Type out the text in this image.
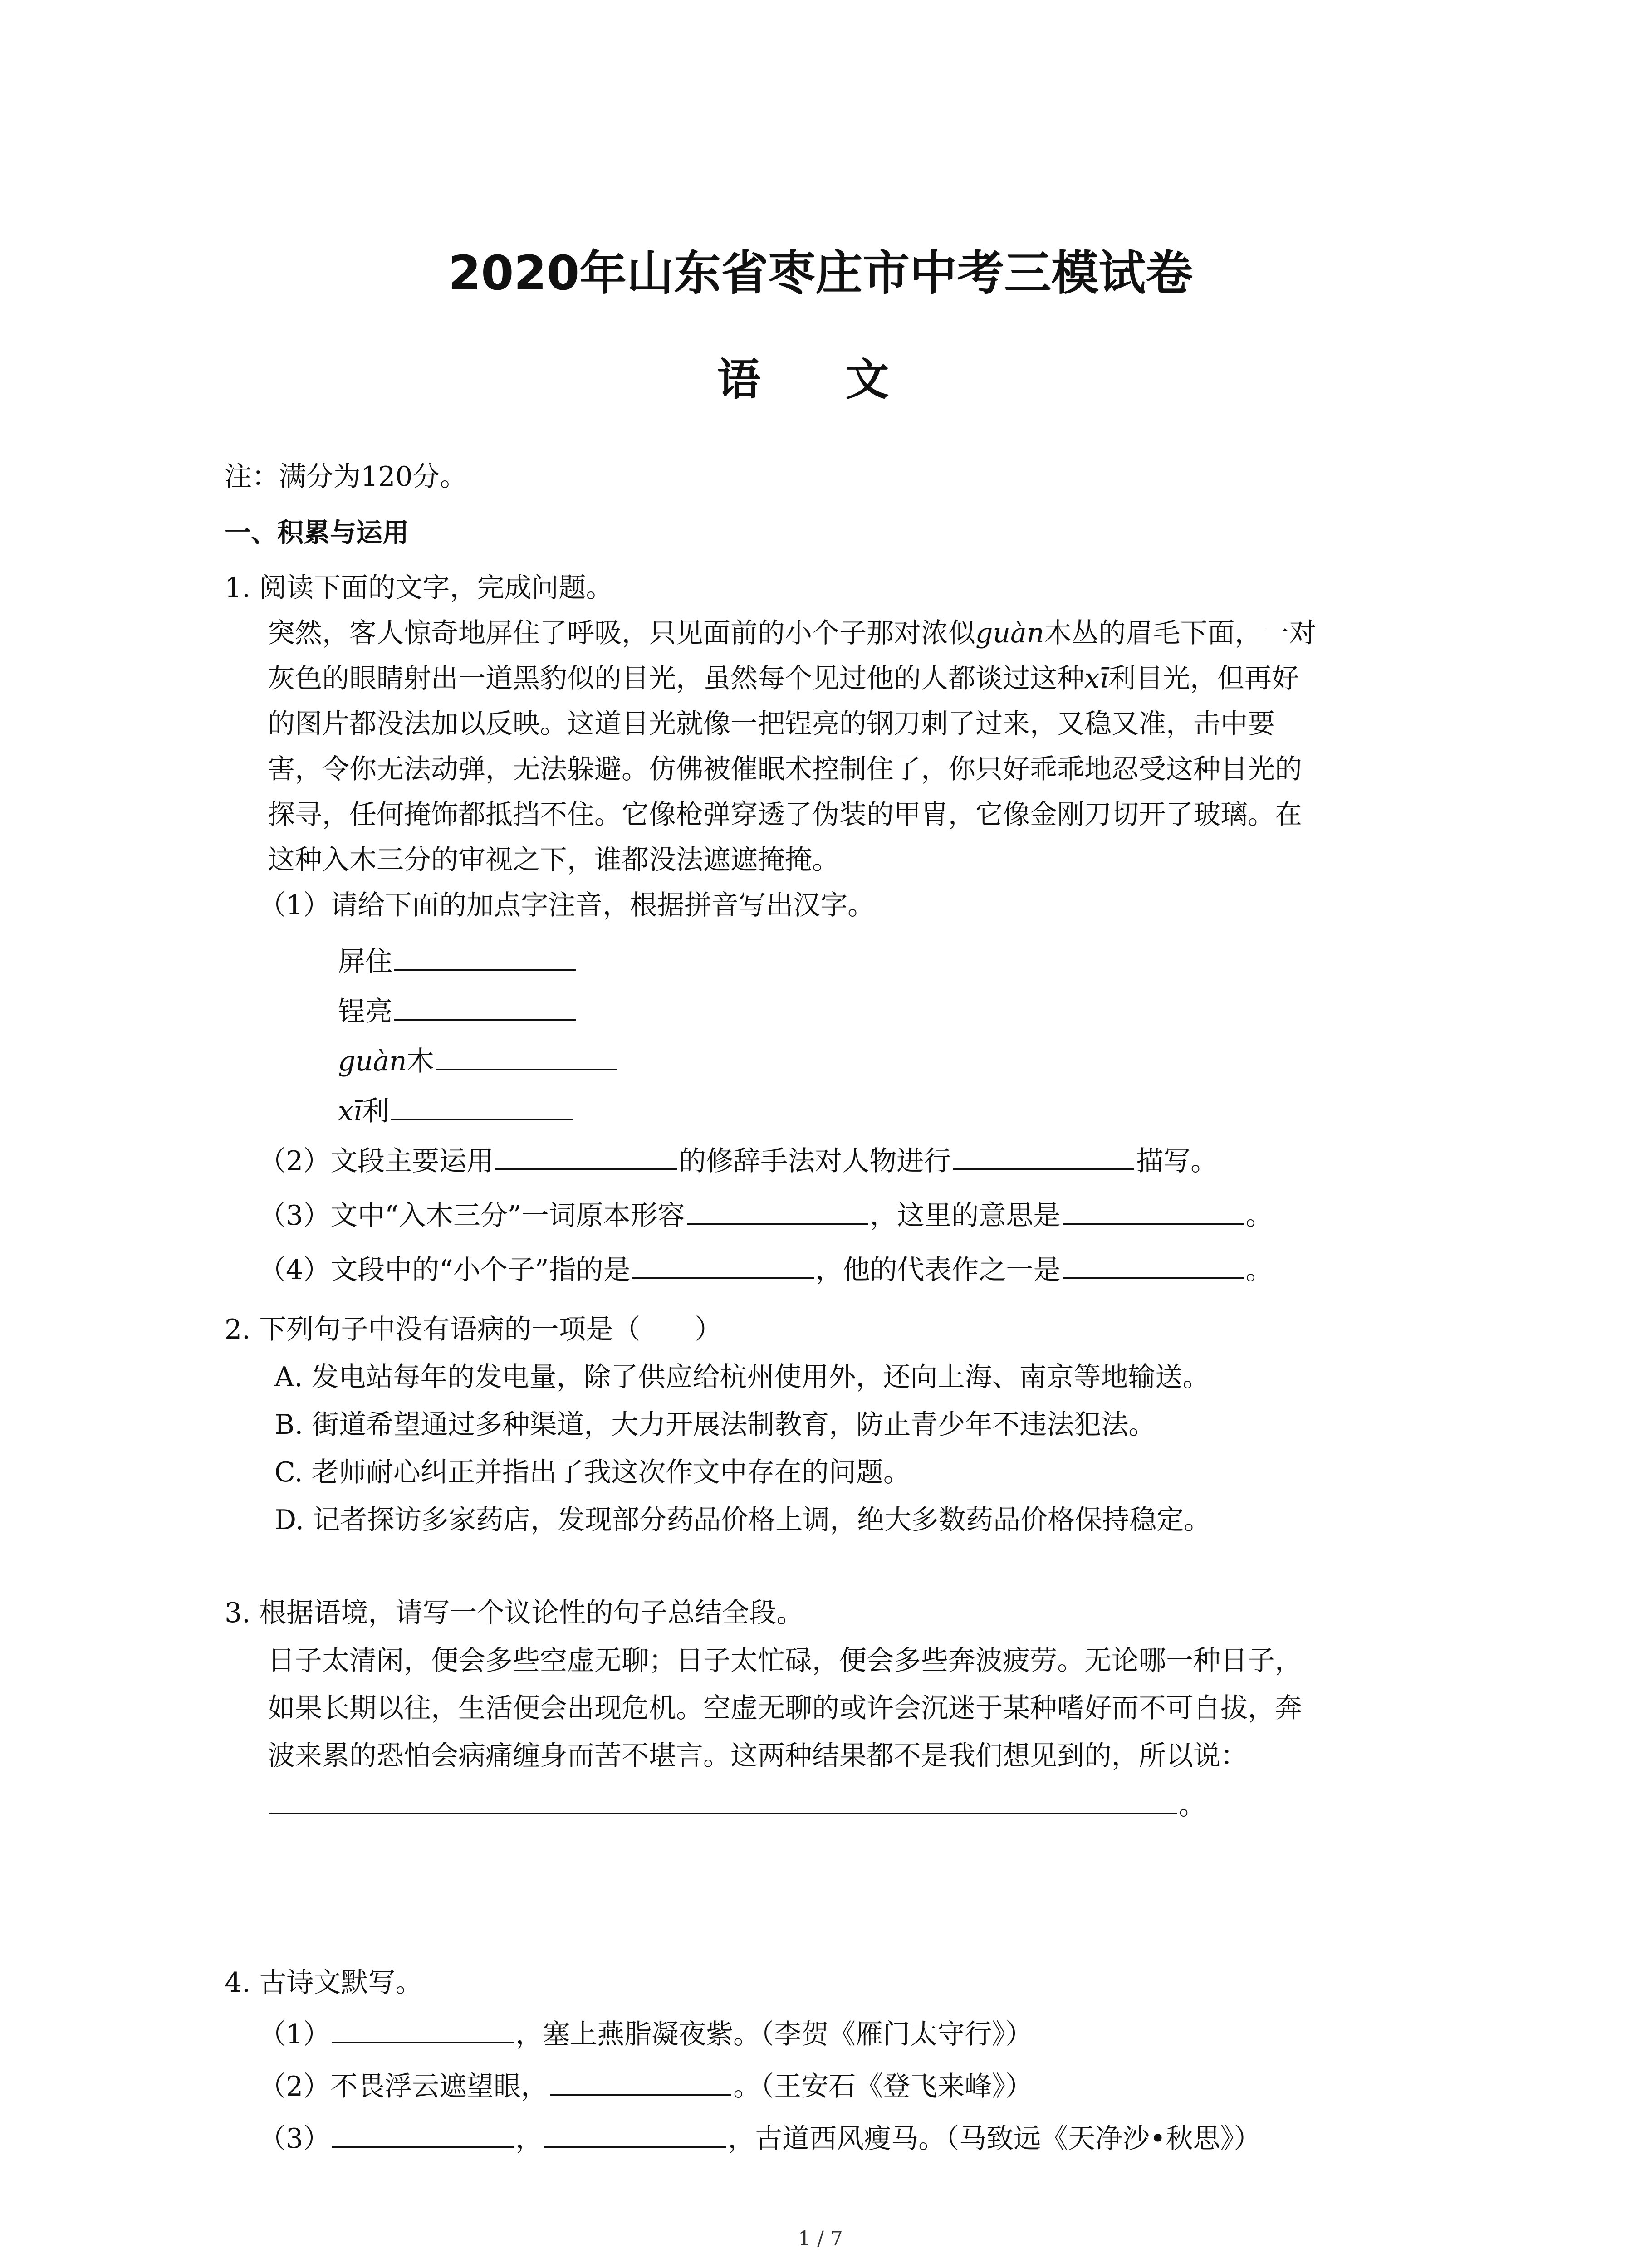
2020年山东省枣庄市中考三模试卷
语 文
注：满分为120分。
一、积累与运用
1. 阅读下面的文字，完成问题。
突然，客人惊奇地屏住了呼吸，只见面前的小个子那对浓似guàn木丛的眉毛下面，一对
灰色的眼睛射出一道黑豹似的目光，虽然每个见过他的人都谈过这种xī利目光，但再好
的图片都没法加以反映。这道目光就像一把锃亮的钢刀刺了过来，又稳又准，击中要
害，令你无法动弹，无法躲避。仿佛被催眠术控制住了，你只好乖乖地忍受这种目光的
探寻，任何掩饰都抵挡不住。它像枪弹穿透了伪装的甲胄，它像金刚刀切开了玻璃。在
这种入木三分的审视之下，谁都没法遮遮掩掩。
（1）请给下面的加点字注音，根据拼音写出汉字。
屏住
锃亮
guàn木
xī利
（2）文段主要运用	的修辞手法对人物进行	描写。
（3）文中“入木三分”一词原本形容	，这里的意思是	。
（4）文段中的“小个子”指的是	，他的代表作之一是	。
2. 下列句子中没有语病的一项是（　　）
A. 发电站每年的发电量，除了供应给杭州使用外，还向上海、南京等地输送。
B. 街道希望通过多种渠道，大力开展法制教育，防止青少年不违法犯法。
C. 老师耐心纠正并指出了我这次作文中存在的问题。
D. 记者探访多家药店，发现部分药品价格上调，绝大多数药品价格保持稳定。
3. 根据语境，请写一个议论性的句子总结全段。
日子太清闲，便会多些空虚无聊；日子太忙碌，便会多些奔波疲劳。无论哪一种日子，
如果长期以往，生活便会出现危机。空虚无聊的或许会沉迷于某种嗜好而不可自拔，奔
波来累的恐怕会病痛缠身而苦不堪言。这两种结果都不是我们想见到的，所以说：
。
4. 古诗文默写。
（1）	，塞上燕脂凝夜紫。（李贺《雁门太守行》）
（2）不畏浮云遮望眼，	。（王安石《登飞来峰》）
（3）	，	，古道西风瘦马。（马致远《天净沙•秋思》）
1 / 7
